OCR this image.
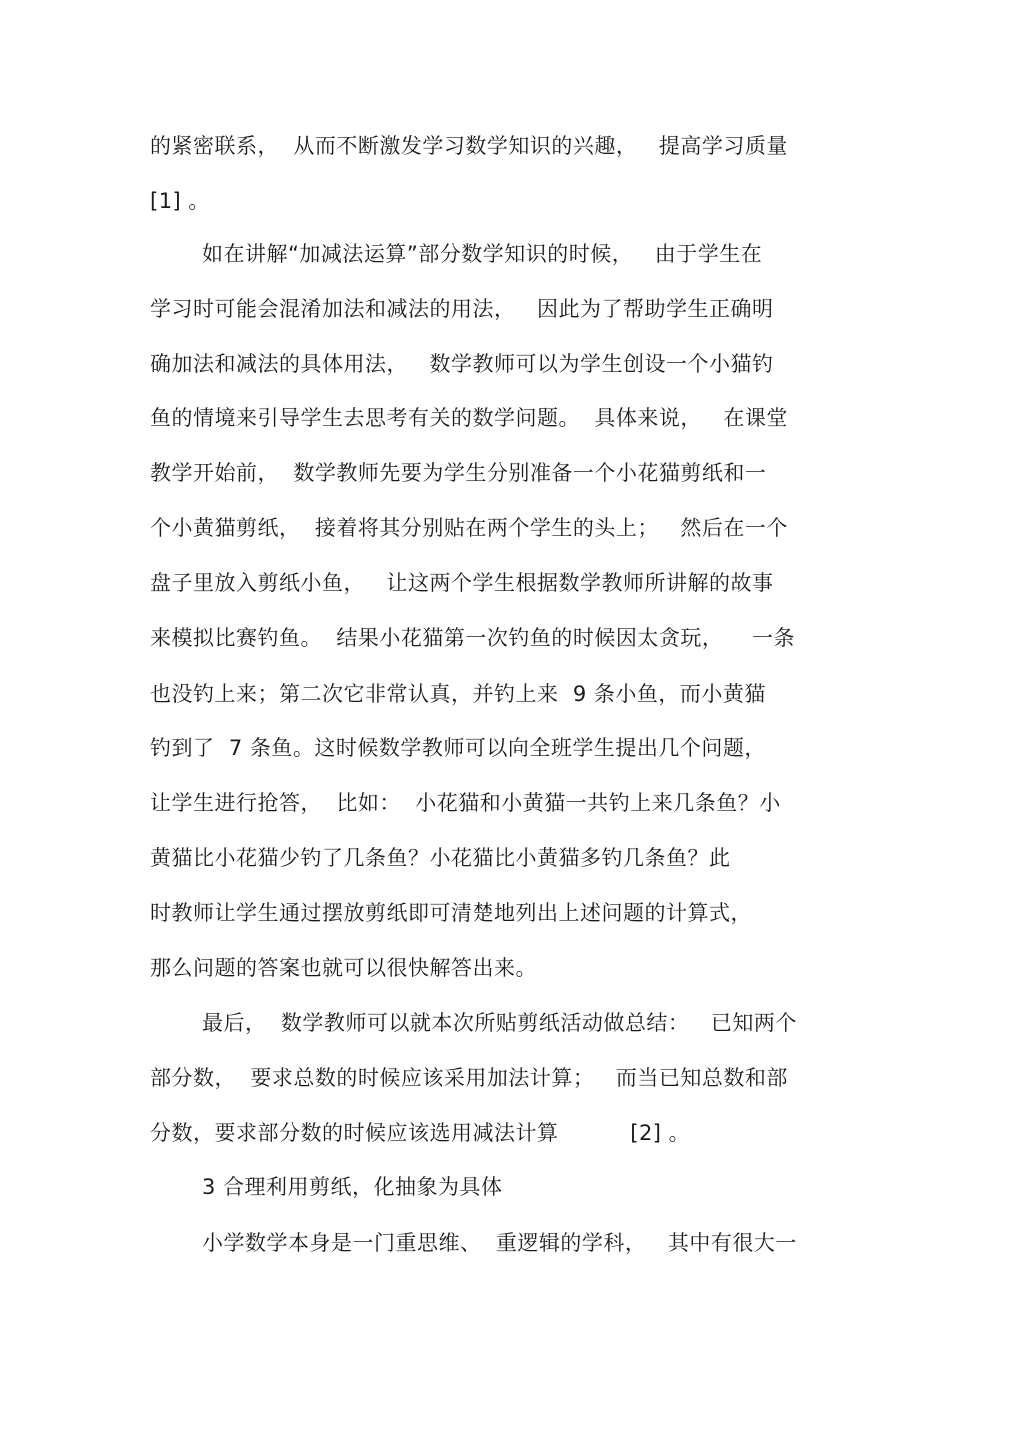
的紧密联系，  从而不断激发学习数学知识的兴趣，   提高学习质量
[1] 。
如在讲解“加减法运算”部分数学知识的时候，   由于学生在
学习时可能会混淆加法和减法的用法，   因此为了帮助学生正确明
确加法和减法的具体用法，   数学教师可以为学生创设一个小猫钓
鱼的情境来引导学生去思考有关的数学问题。  具体来说，   在课堂
教学开始前，  数学教师先要为学生分别准备一个小花猫剪纸和一
个小黄猫剪纸，  接着将其分别贴在两个学生的头上；   然后在一个
盘子里放入剪纸小鱼，   让这两个学生根据数学教师所讲解的故事
来模拟比赛钓鱼。  结果小花猫第一次钓鱼的时候因太贪玩，    一条
也没钓上来；第二次它非常认真，并钓上来  9 条小鱼，而小黄猫
钓到了  7 条鱼。这时候数学教师可以向全班学生提出几个问题，
让学生进行抢答，  比如：  小花猫和小黄猫一共钓上来几条鱼？小
黄猫比小花猫少钓了几条鱼？小花猫比小黄猫多钓几条鱼？此
时教师让学生通过摆放剪纸即可清楚地列出上述问题的计算式，
那么问题的答案也就可以很快解答出来。
最后，  数学教师可以就本次所贴剪纸活动做总结：   已知两个
部分数，  要求总数的时候应该采用加法计算；   而当已知总数和部
分数，要求部分数的时候应该选用减法计算          [2] 。
3 合理利用剪纸，化抽象为具体
小学数学本身是一门重思维、  重逻辑的学科，   其中有很大一
